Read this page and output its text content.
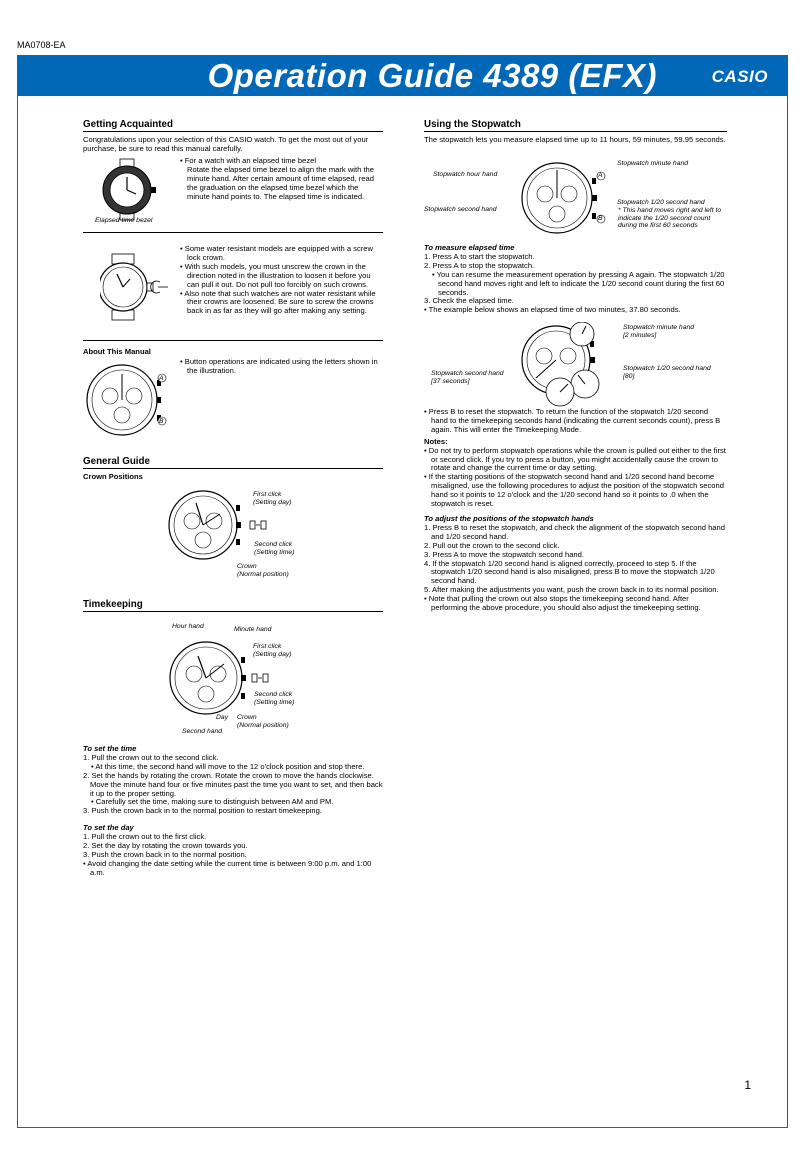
MA0708-EA
Operation Guide 4389 (EFX)	CASIO
Getting Acquainted

Congratulations upon your selection of this CASIO watch. To get the most out of your purchase, be sure to read this manual carefully.

Elapsed time bezel

• For a watch with an elapsed time bezel

Rotate the elapsed time bezel to align the mark with the minute hand. After certain amount of time elapsed, read the graduation on the elapsed time bezel which the minute hand points to. The elapsed time is indicated.

• Some water resistant models are equipped with a screw lock crown.

• With such models, you must unscrew the crown in the direction noted in the illustration to loosen it before you can pull it out. Do not pull too forcibly on such crowns.

• Also note that such watches are not water resistant while their crowns are loosened. Be sure to screw the crowns back in as far as they will go after making any setting.

About This Manual

• Button operations are indicated using the letters shown in the illustration.

A
B
General Guide
Crown Positions
First click
(Setting day)
Second click
(Setting time)
Crown
(Normal position)
Timekeeping
Hour hand	Minute hand
First click
(Setting day)
Second click
(Setting time)
Day Crown
(Normal position)
Second hand
To set the time

1. Pull the crown out to the second click.

• At this time, the second hand will move to the 12 o'clock position and stop there.

2. Set the hands by rotating the crown. Rotate the crown to move the hands clockwise. Move the minute hand four or five minutes past the time you want to set, and then back it up to the proper setting.

• Carefully set the time, making sure to distinguish between AM and PM.

3. Push the crown back in to the normal position to restart timekeeping.

To set the day

1. Pull the crown out to the first click.

2. Set the day by rotating the crown towards you.

3. Push the crown back in to the normal position.

• Avoid changing the date setting while the current time is between 9:00 p.m. and 1:00 a.m.

Using the Stopwatch

The stopwatch lets you measure elapsed time up to 11 hours, 59 minutes, 59.95 seconds.

A
B
Stopwatch minute hand
Stopwatch hour hand
Stopwatch second hand
Stopwatch 1/20 second hand
* This hand moves right and left to indicate the 1/20 second count during the first 60 seconds
To measure elapsed time

1. Press A to start the stopwatch.

2. Press A to stop the stopwatch.

• You can resume the measurement operation by pressing A again. The stopwatch 1/20 second hand moves right and left to indicate the 1/20 second count during the first 60 seconds.

3. Check the elapsed time.

• The example below shows an elapsed time of two minutes, 37.80 seconds.

Stopwatch minute hand
[2 minutes]
Stopwatch second hand
[37 seconds]
Stopwatch 1/20 second hand
[80]

• Press B to reset the stopwatch. To return the function of the stopwatch 1/20 second hand to the timekeeping seconds hand (indicating the current seconds count), press B again. This will enter the Timekeeping Mode.

Notes:

• Do not try to perform stopwatch operations while the crown is pulled out either to the first or second click. If you try to press a button, you might accidentally cause the crown to rotate and change the current time or day setting.

• If the starting positions of the stopwatch second hand and 1/20 second hand become misaligned, use the following procedures to adjust the position of the stopwatch second hand so it points to 12 o'clock and the 1/20 second hand so it points to .0 when the stopwatch is reset.

To adjust the positions of the stopwatch hands

1. Press B to reset the stopwatch, and check the alignment of the stopwatch second hand and 1/20 second hand.

2. Pull out the crown to the second click.

3. Press A to move the stopwatch second hand.

4. If the stopwatch 1/20 second hand is aligned correctly, proceed to step 5. If the stopwatch 1/20 second hand is also misaligned, press B to move the stopwatch 1/20 second hand.

5. After making the adjustments you want, push the crown back in to its normal position.

• Note that pulling the crown out also stops the timekeeping second hand. After performing the above procedure, you should also adjust the timekeeping setting.

1
